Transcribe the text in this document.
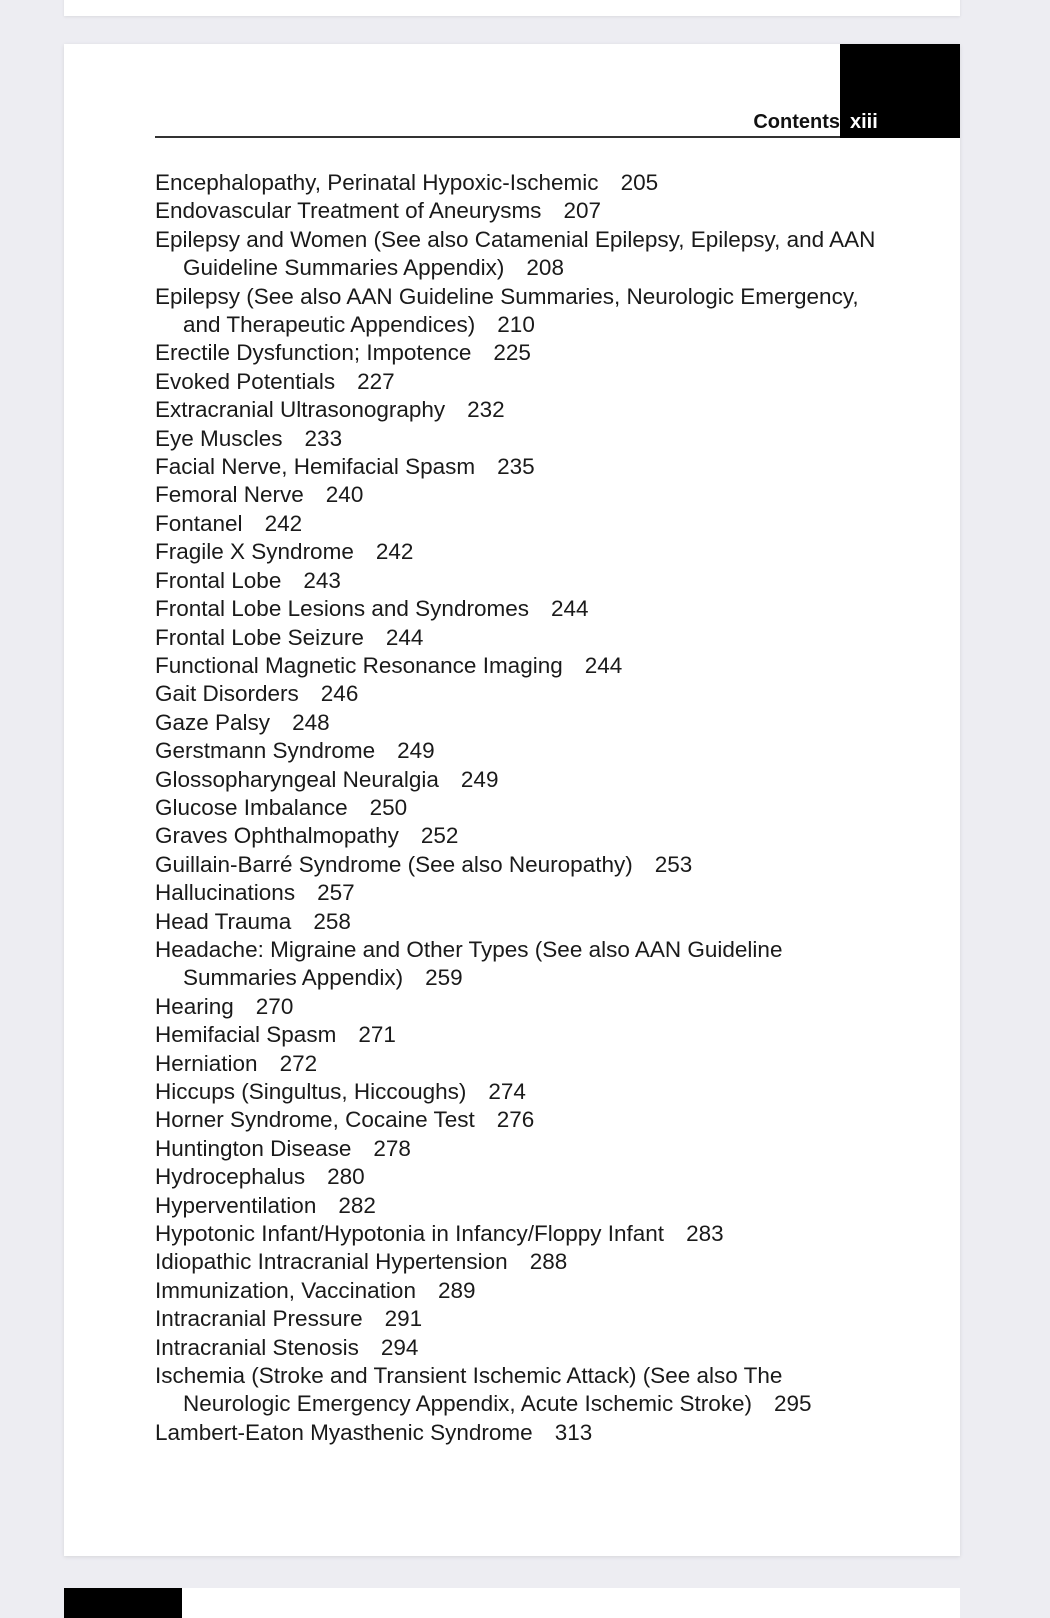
Contents xiii
Encephalopathy, Perinatal Hypoxic-Ischemic 205
Endovascular Treatment of Aneurysms 207
Epilepsy and Women (See also Catamenial Epilepsy, Epilepsy, and AAN Guideline Summaries Appendix) 208
Epilepsy (See also AAN Guideline Summaries, Neurologic Emergency, and Therapeutic Appendices) 210
Erectile Dysfunction; Impotence 225
Evoked Potentials 227
Extracranial Ultrasonography 232
Eye Muscles 233
Facial Nerve, Hemifacial Spasm 235
Femoral Nerve 240
Fontanel 242
Fragile X Syndrome 242
Frontal Lobe 243
Frontal Lobe Lesions and Syndromes 244
Frontal Lobe Seizure 244
Functional Magnetic Resonance Imaging 244
Gait Disorders 246
Gaze Palsy 248
Gerstmann Syndrome 249
Glossopharyngeal Neuralgia 249
Glucose Imbalance 250
Graves Ophthalmopathy 252
Guillain-Barré Syndrome (See also Neuropathy) 253
Hallucinations 257
Head Trauma 258
Headache: Migraine and Other Types (See also AAN Guideline Summaries Appendix) 259
Hearing 270
Hemifacial Spasm 271
Herniation 272
Hiccups (Singultus, Hiccoughs) 274
Horner Syndrome, Cocaine Test 276
Huntington Disease 278
Hydrocephalus 280
Hyperventilation 282
Hypotonic Infant/Hypotonia in Infancy/Floppy Infant 283
Idiopathic Intracranial Hypertension 288
Immunization, Vaccination 289
Intracranial Pressure 291
Intracranial Stenosis 294
Ischemia (Stroke and Transient Ischemic Attack) (See also The Neurologic Emergency Appendix, Acute Ischemic Stroke) 295
Lambert-Eaton Myasthenic Syndrome 313
